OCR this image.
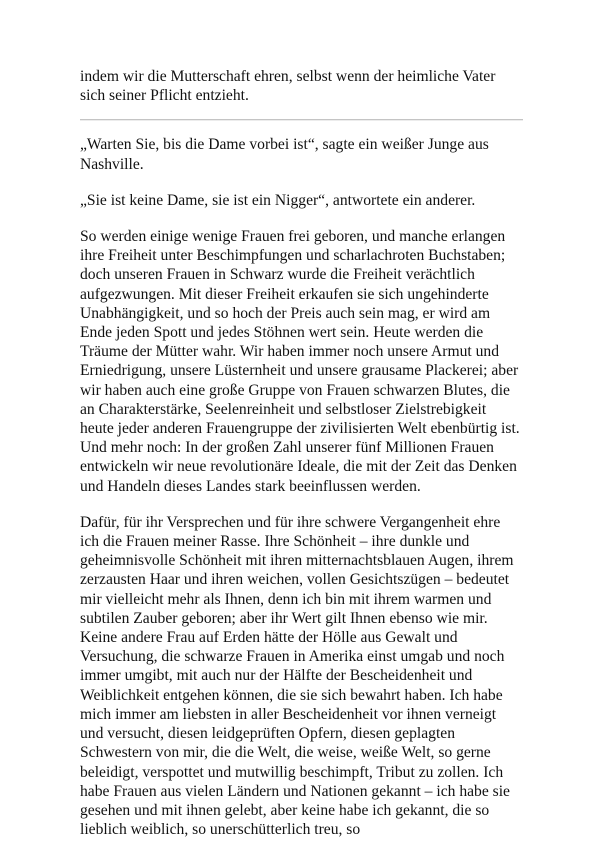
indem wir die Mutterschaft ehren, selbst wenn der heimliche Vater sich seiner Pflicht entzieht.

„Warten Sie, bis die Dame vorbei ist“, sagte ein weißer Junge aus Nashville.

„Sie ist keine Dame, sie ist ein Nigger“, antwortete ein anderer.

So werden einige wenige Frauen frei geboren, und manche erlangen ihre Freiheit unter Beschimpfungen und scharlachroten Buchstaben; doch unseren Frauen in Schwarz wurde die Freiheit verächtlich aufgezwungen. Mit dieser Freiheit erkaufen sie sich ungehinderte Unabhängigkeit, und so hoch der Preis auch sein mag, er wird am Ende jeden Spott und jedes Stöhnen wert sein. Heute werden die Träume der Mütter wahr. Wir haben immer noch unsere Armut und Erniedrigung, unsere Lüsternheit und unsere grausame Plackerei; aber wir haben auch eine große Gruppe von Frauen schwarzen Blutes, die an Charakterstärke, Seelenreinheit und selbstloser Zielstrebigkeit heute jeder anderen Frauengruppe der zivilisierten Welt ebenbürtig ist. Und mehr noch: In der großen Zahl unserer fünf Millionen Frauen entwickeln wir neue revolutionäre Ideale, die mit der Zeit das Denken und Handeln dieses Landes stark beeinflussen werden.

Dafür, für ihr Versprechen und für ihre schwere Vergangenheit ehre ich die Frauen meiner Rasse. Ihre Schönheit – ihre dunkle und geheimnisvolle Schönheit mit ihren mitternachtsblauen Augen, ihrem zerzausten Haar und ihren weichen, vollen Gesichtszügen – bedeutet mir vielleicht mehr als Ihnen, denn ich bin mit ihrem warmen und subtilen Zauber geboren; aber ihr Wert gilt Ihnen ebenso wie mir. Keine andere Frau auf Erden hätte der Hölle aus Gewalt und Versuchung, die schwarze Frauen in Amerika einst umgab und noch immer umgibt, mit auch nur der Hälfte der Bescheidenheit und Weiblichkeit entgehen können, die sie sich bewahrt haben. Ich habe mich immer am liebsten in aller Bescheidenheit vor ihnen verneigt und versucht, diesen leidgeprüften Opfern, diesen geplagten Schwestern von mir, die die Welt, die weise, weiße Welt, so gerne beleidigt, verspottet und mutwillig beschimpft, Tribut zu zollen. Ich habe Frauen aus vielen Ländern und Nationen gekannt – ich habe sie gesehen und mit ihnen gelebt, aber keine habe ich gekannt, die so lieblich weiblich, so unerschütterlich treu, so
